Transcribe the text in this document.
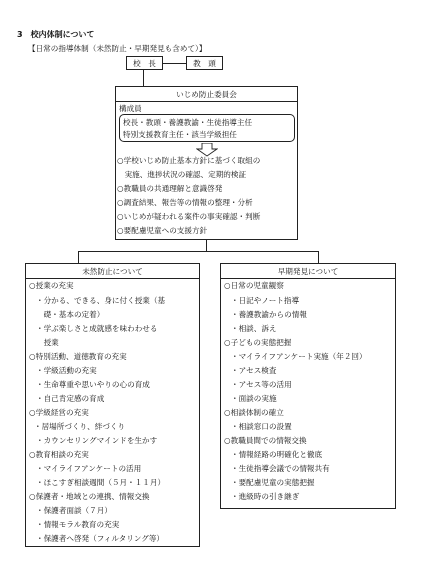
3　校内体制について
【日常の指導体制（未然防止・早期発見も含めて）】
校　長	教　頭
いじめ防止委員会
構成員
校長・教頭・養護教諭・生徒指導主任
特別支援教育主任・該当学級担任
○学校いじめ防止基本方針に基づく取組の
　実施、進捗状況の確認、定期的検証
○教職員の共通理解と意識啓発
○調査結果、報告等の情報の整理・分析
○いじめが疑われる案件の事実確認・判断
○要配慮児童への支援方針
未然防止について
○授業の充実
・分かる、できる、身に付く授業（基
　礎・基本の定着）
・学ぶ楽しさと成就感を味わわせる
　授業
○特別活動、道徳教育の充実
・学級活動の充実
・生命尊重や思いやりの心の育成
・自己肯定感の育成
○学級経営の充実
・居場所づくり、絆づくり
・カウンセリングマインドを生かす
○教育相談の充実
・マイライフアンケートの活用
・ほこすぎ相談週間（５月・１１月）
○保護者・地域との連携、情報交換
・保護者面談（７月）
・情報モラル教育の充実
・保護者へ啓発（フィルタリング等）
早期発見について
○日常の児童観察
・日記やノート指導
・養護教諭からの情報
・相談、訴え
○子どもの実態把握
・マイライフアンケート実施（年２回）
・アセス検査
・アセス等の活用
・面談の実施
○相談体制の確立
・相談窓口の設置
○教職員間での情報交換
・情報経路の明確化と徹底
・生徒指導会議での情報共有
・要配慮児童の実態把握
・進級時の引き継ぎ
